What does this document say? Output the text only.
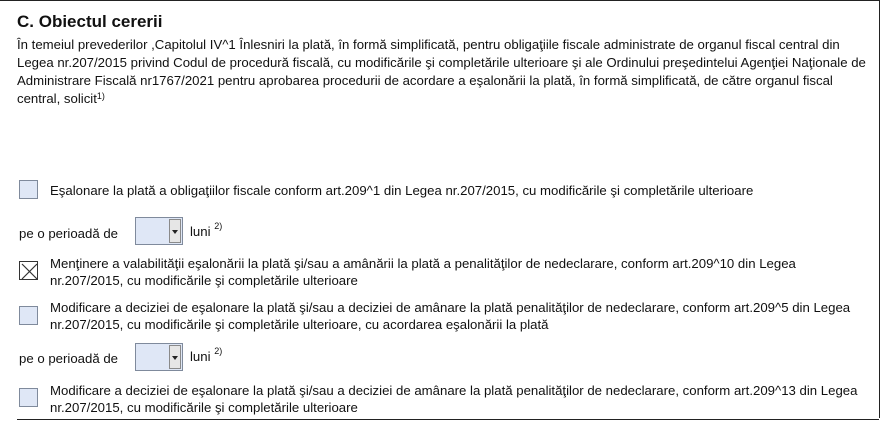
C. Obiectul cererii
În temeiul prevederilor ,Capitolul IV^1 Înlesniri la plată, în formă simplificată, pentru obligaţiile fiscale administrate de organul fiscal central din Legea nr.207/2015 privind Codul de procedură fiscală, cu modificările şi completările ulterioare şi ale Ordinului preşedintelui Agenţiei Naţionale de Administrare Fiscală nr1767/2021 pentru aprobarea procedurii de acordare a eşalonării la plată, în formă simplificată, de către organul fiscal central, solicit$^{1)}$
Eşalonare la plată a obligaţiilor fiscale conform art.209^1 din Legea nr.207/2015, cu modificările şi completările ulterioare
pe o perioadă de	luni $^{2)}$
Menţinere a valabilităţii eşalonării la plată şi/sau a amânării la plată a penalităţilor de nedeclarare, conform art.209^10 din Legea nr.207/2015, cu modificările şi completările ulterioare
Modificare a deciziei de eşalonare la plată şi/sau a deciziei de amânare la plată penalităţilor de nedeclarare, conform art.209^5 din Legea nr.207/2015, cu modificările şi completările ulterioare, cu acordarea eşalonării la plată
pe o perioadă de	luni $^{2)}$
Modificare a deciziei de eşalonare la plată şi/sau a deciziei de amânare la plată penalităţilor de nedeclarare, conform art.209^13 din Legea nr.207/2015, cu modificările şi completările ulterioare
